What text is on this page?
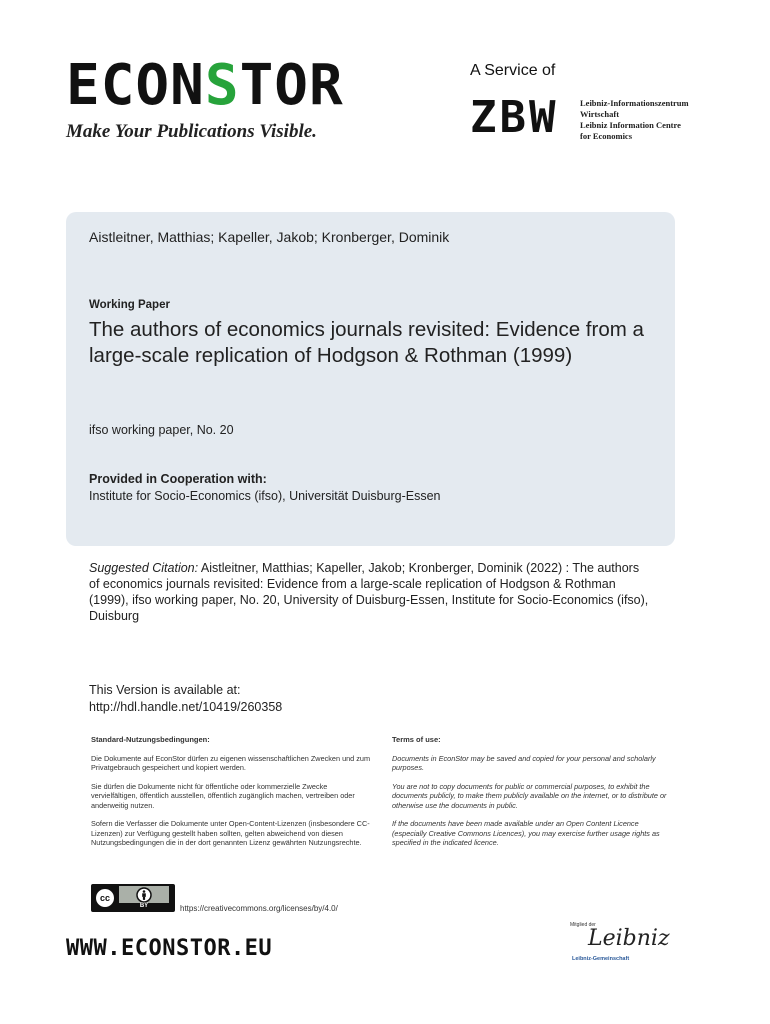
ECONSTOR
Make Your Publications Visible.
A Service of
ZBW	Leibniz-Informationszentrum
Wirtschaft
Leibniz Information Centre
for Economics
Aistleitner, Matthias; Kapeller, Jakob; Kronberger, Dominik
Working Paper
The authors of economics journals revisited: Evidence from a large-scale replication of Hodgson & Rothman (1999)
ifso working paper, No. 20
Provided in Cooperation with:
Institute for Socio-Economics (ifso), Universität Duisburg-Essen
Suggested Citation: Aistleitner, Matthias; Kapeller, Jakob; Kronberger, Dominik (2022) : The authors of economics journals revisited: Evidence from a large-scale replication of Hodgson & Rothman (1999), ifso working paper, No. 20, University of Duisburg-Essen, Institute for Socio-Economics (ifso), Duisburg
This Version is available at:
http://hdl.handle.net/10419/260358
Standard-Nutzungsbedingungen:

Die Dokumente auf EconStor dürfen zu eigenen wissenschaftlichen Zwecken und zum Privatgebrauch gespeichert und kopiert werden.

Sie dürfen die Dokumente nicht für öffentliche oder kommerzielle Zwecke vervielfältigen, öffentlich ausstellen, öffentlich zugänglich machen, vertreiben oder anderweitig nutzen.

Sofern die Verfasser die Dokumente unter Open-Content-Lizenzen (insbesondere CC-Lizenzen) zur Verfügung gestellt haben sollten, gelten abweichend von diesen Nutzungsbedingungen die in der dort genannten Lizenz gewährten Nutzungsrechte.

Terms of use:

Documents in EconStor may be saved and copied for your personal and scholarly purposes.

You are not to copy documents for public or commercial purposes, to exhibit the documents publicly, to make them publicly available on the internet, or to distribute or otherwise use the documents in public.

If the documents have been made available under an Open Content Licence (especially Creative Commons Licences), you may exercise further usage rights as specified in the indicated licence.

cc
BY	https://creativecommons.org/licenses/by/4.0/
WWW.ECONSTOR.EU
Mitglied der
Leibniz
Leibniz-Gemeinschaft
